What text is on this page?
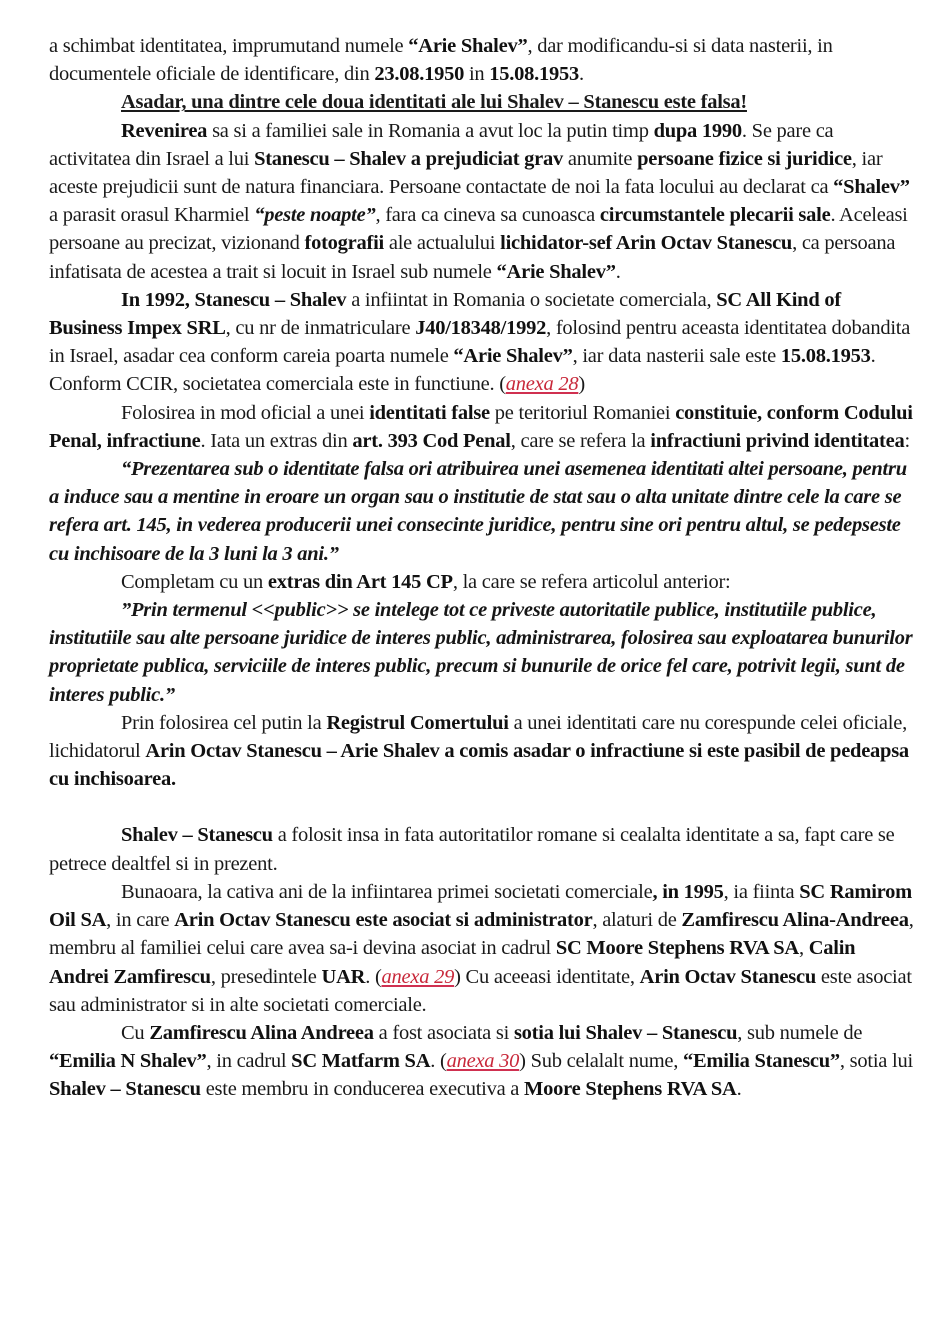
a schimbat identitatea, imprumutand numele “Arie Shalev”, dar modificandu-si si data nasterii, in documentele oficiale de identificare, din 23.08.1950 in 15.08.1953.

Asadar, una dintre cele doua identitati ale lui Shalev – Stanescu este falsa!

Revenirea sa si a familiei sale in Romania a avut loc la putin timp dupa 1990. Se pare ca activitatea din Israel a lui Stanescu – Shalev a prejudiciat grav anumite persoane fizice si juridice, iar aceste prejudicii sunt de natura financiara. Persoane contactate de noi la fata locului au declarat ca “Shalev” a parasit orasul Kharmiel “peste noapte”, fara ca cineva sa cunoasca circumstantele plecarii sale. Aceleasi persoane au precizat, vizionand fotografii ale actualului lichidator-sef Arin Octav Stanescu, ca persoana infatisata de acestea a trait si locuit in Israel sub numele “Arie Shalev”.

In 1992, Stanescu – Shalev a infiintat in Romania o societate comerciala, SC All Kind of Business Impex SRL, cu nr de inmatriculare J40/18348/1992, folosind pentru aceasta identitatea dobandita in Israel, asadar cea conform careia poarta numele “Arie Shalev”, iar data nasterii sale este 15.08.1953. Conform CCIR, societatea comerciala este in functiune. (anexa 28)

Folosirea in mod oficial a unei identitati false pe teritoriul Romaniei constituie, conform Codului Penal, infractiune. Iata un extras din art. 393 Cod Penal, care se refera la infractiuni privind identitatea:

“Prezentarea sub o identitate falsa ori atribuirea unei asemenea identitati altei persoane, pentru a induce sau a mentine in eroare un organ sau o institutie de stat sau o alta unitate dintre cele la care se refera art. 145, in vederea producerii unei consecinte juridice, pentru sine ori pentru altul, se pedepseste cu inchisoare de la 3 luni la 3 ani.”

Completam cu un extras din Art 145 CP, la care se refera articolul anterior:

”Prin termenul <<public>> se intelege tot ce priveste autoritatile publice, institutiile publice, institutiile sau alte persoane juridice de interes public, administrarea, folosirea sau exploatarea bunurilor proprietate publica, serviciile de interes public, precum si bunurile de orice fel care, potrivit legii, sunt de interes public.”

Prin folosirea cel putin la Registrul Comertului a unei identitati care nu corespunde celei oficiale, lichidatorul Arin Octav Stanescu – Arie Shalev a comis asadar o infractiune si este pasibil de pedeapsa cu inchisoarea.

Shalev – Stanescu a folosit insa in fata autoritatilor romane si cealalta identitate a sa, fapt care se petrece dealtfel si in prezent.

Bunaoara, la cativa ani de la infiintarea primei societati comerciale, in 1995, ia fiinta SC Ramirom Oil SA, in care Arin Octav Stanescu este asociat si administrator, alaturi de Zamfirescu Alina-Andreea, membru al familiei celui care avea sa-i devina asociat in cadrul SC Moore Stephens RVA SA, Calin Andrei Zamfirescu, presedintele UAR. (anexa 29) Cu aceeasi identitate, Arin Octav Stanescu este asociat sau administrator si in alte societati comerciale.

Cu Zamfirescu Alina Andreea a fost asociata si sotia lui Shalev – Stanescu, sub numele de “Emilia N Shalev”, in cadrul SC Matfarm SA. (anexa 30) Sub celalalt nume, “Emilia Stanescu”, sotia lui Shalev – Stanescu este membru in conducerea executiva a Moore Stephens RVA SA.
